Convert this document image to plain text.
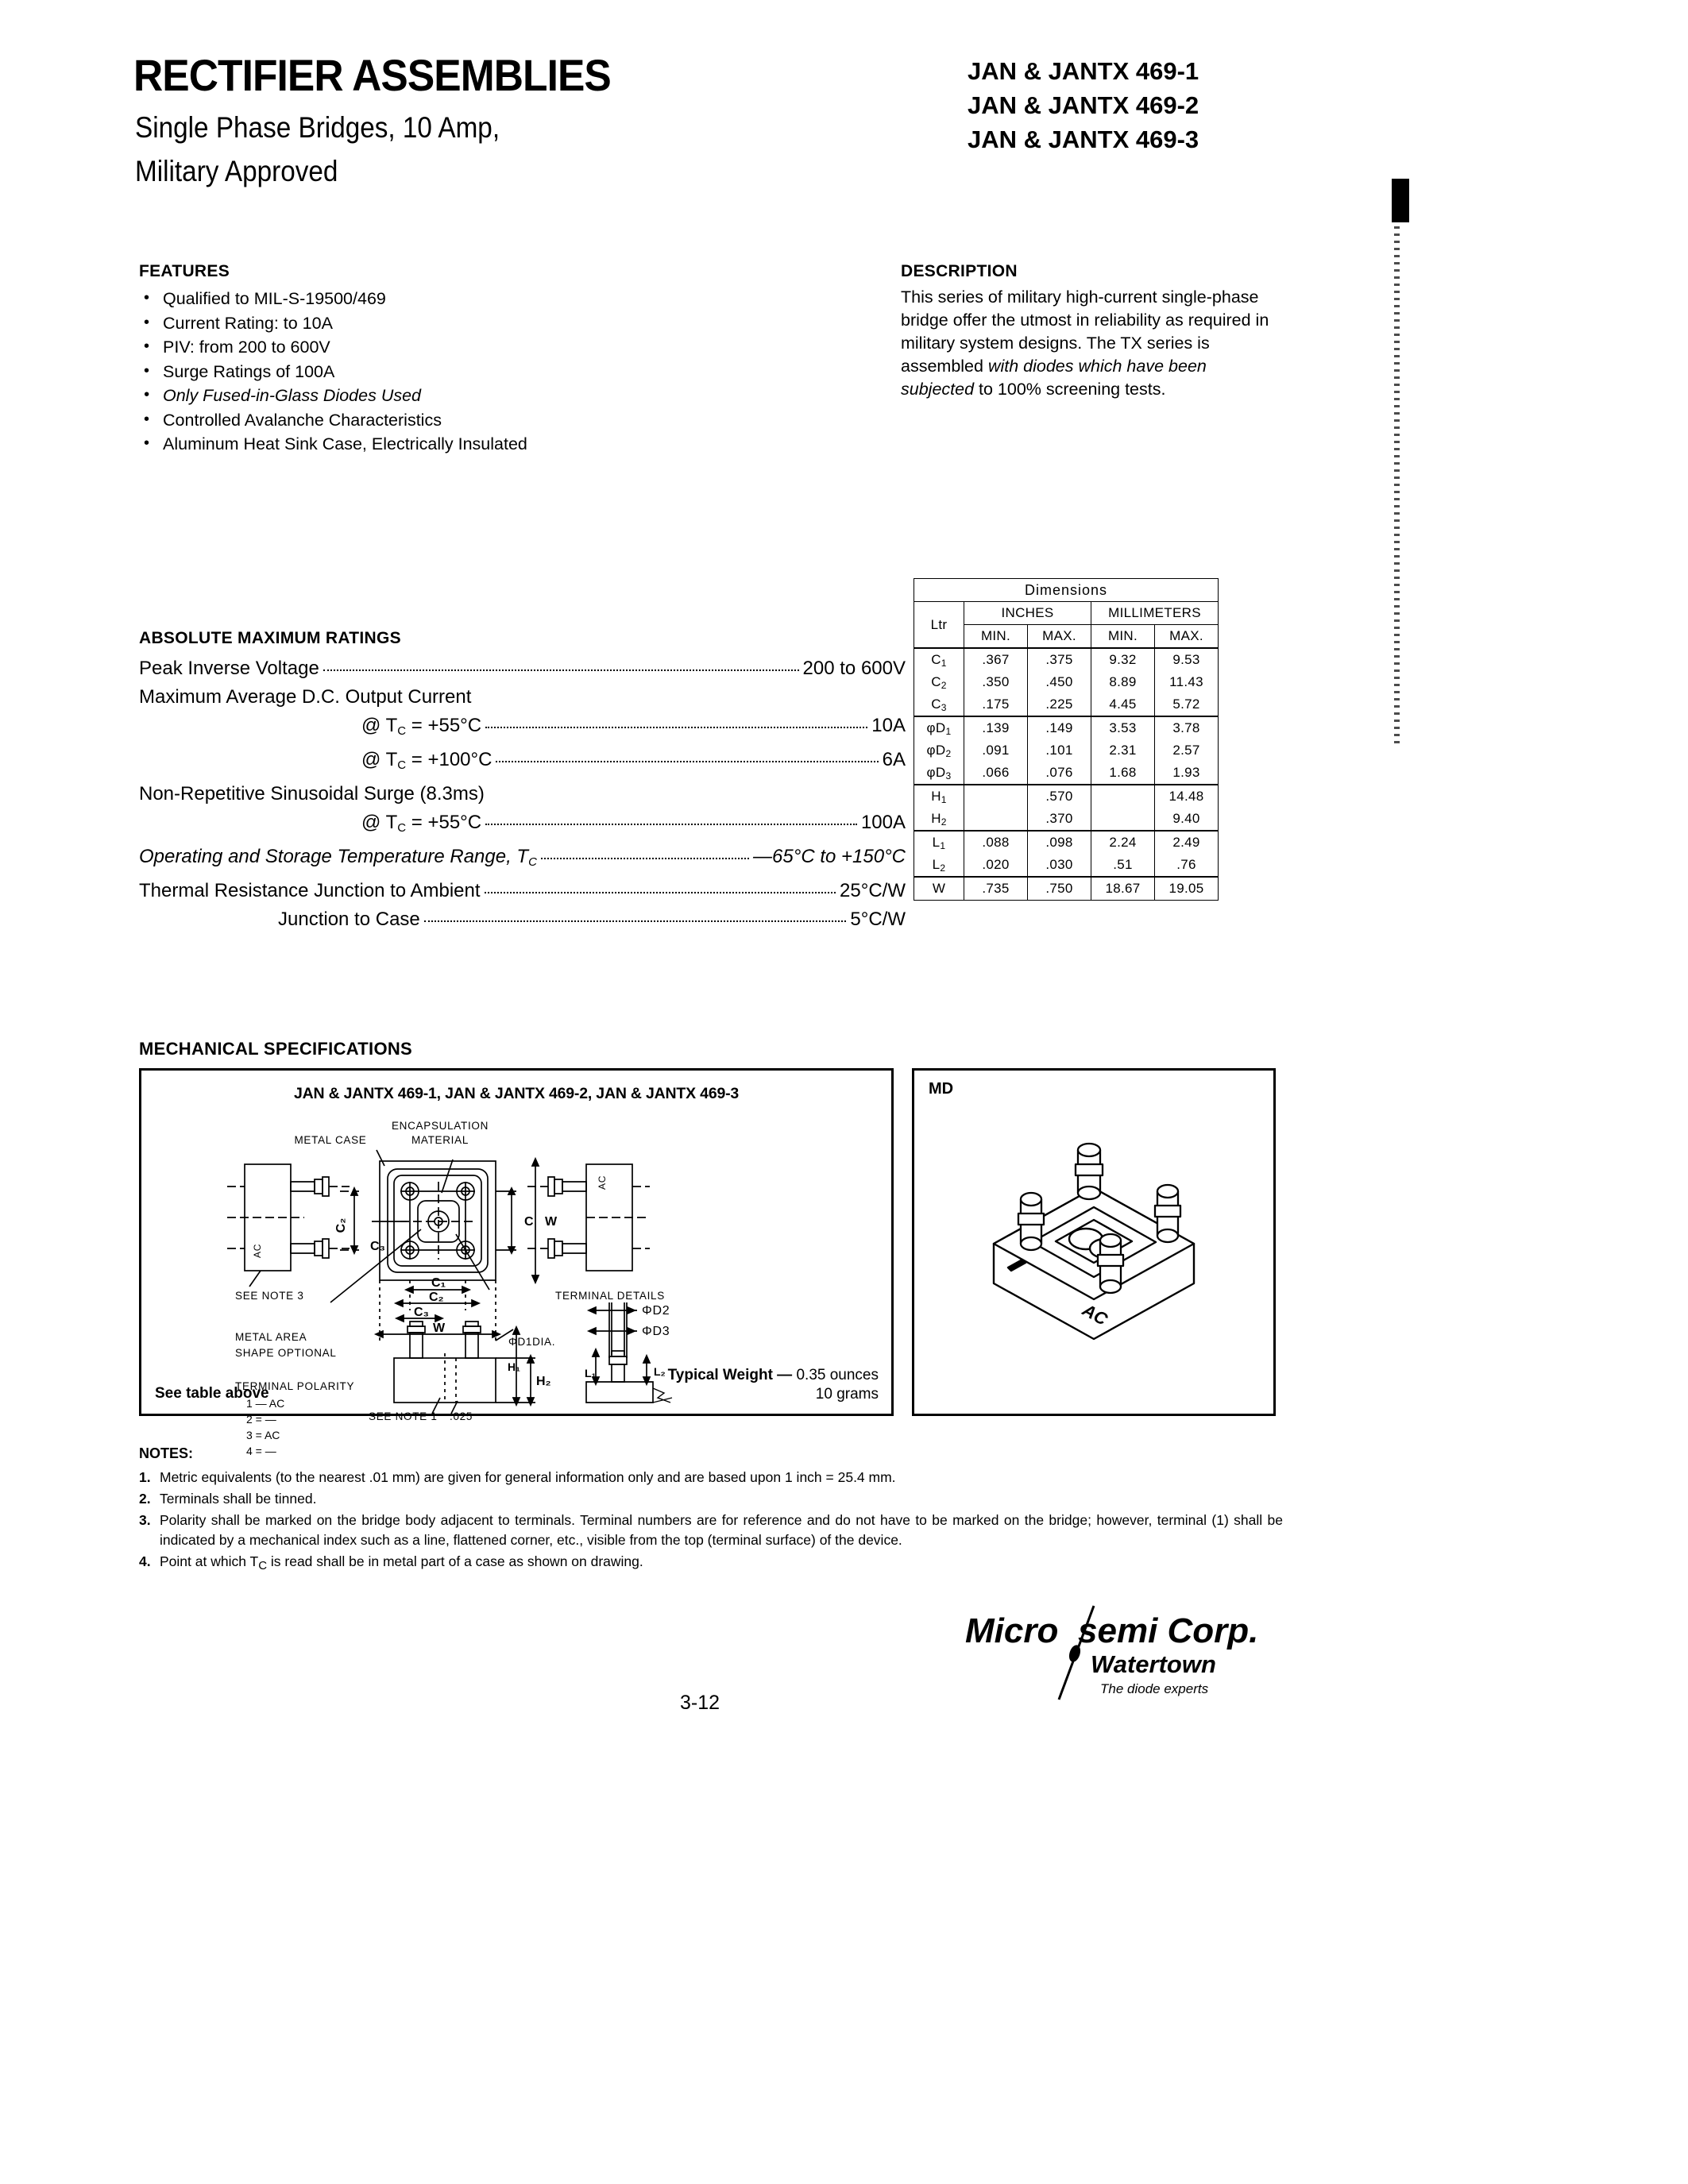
RECTIFIER ASSEMBLIES
Single Phase Bridges, 10 Amp,
Military Approved
JAN & JANTX 469-1
JAN & JANTX 469-2
JAN & JANTX 469-3
FEATURES
• Qualified to MIL-S-19500/469
• Current Rating: to 10A
• PIV: from 200 to 600V
• Surge Ratings of 100A
• Only Fused-in-Glass Diodes Used
• Controlled Avalanche Characteristics
• Aluminum Heat Sink Case, Electrically Insulated
DESCRIPTION

This series of military high-current single-phase bridge offer the utmost in reliability as required in military system designs. The TX series is assembled with diodes which have been subjected to 100% screening tests.

ABSOLUTE MAXIMUM RATINGS
Peak Inverse Voltage	200 to 600V
Maximum Average D.C. Output Current
@ $T_C = +55^\circ C$	10A
@ $T_C = +100^\circ C$	6A
Non-Repetitive Sinusoidal Surge (8.3ms)
@ $T_C = +55^\circ C$	100A
Operating and Storage Temperature Range, $T_C$	—65°C to +150°C
Thermal Resistance Junction to Ambient	25°C/W
Junction to Case	5°C/W
Dimensions				
Ltr	INCHES		MILLIMETERS	
	MIN.	MAX.	MIN.	MAX.
C1	.367	.375	9.32	9.53
C2	.350	.450	8.89	11.43
C3	.175	.225	4.45	5.72
φD1	.139	.149	3.53	3.78
φD2	.091	.101	2.31	2.57
φD3	.066	.076	1.68	1.93
H1		.570		14.48
H2		.370		9.40
L1	.088	.098	2.24	2.49
L2	.020	.030	.51	.76
W	.735	.750	18.67	19.05
MECHANICAL SPECIFICATIONS
JAN & JANTX 469-1, JAN & JANTX 469-2, JAN & JANTX 469-3
See table above
Typical Weight — 0.35 ounces
10 grams
ENCAPSULATION
MATERIAL
METAL CASE
SEE NOTE 3
METAL AREA
SHAPE OPTIONAL
TERMINAL POLARITY
TERMINAL DETAILS
SEE NOTE 1 .025
ΦD1DIA.
ΦD2
ΦD3
AC
AC
C W
C₂
C₃
C₁
C₂
C₃
W
H₁
H₂
L₁	L₂
1 — AC
2 = —
3 = AC
4 = —
MD
AC
NOTES:
1. Metric equivalents (to the nearest .01 mm) are given for general information only and are based upon 1 inch = 25.4 mm.
2. Terminals shall be tinned.
3. Polarity shall be marked on the bridge body adjacent to terminals. Terminal numbers are for reference and do not have to be marked on the bridge; however, terminal (1) shall be indicated by a mechanical index such as a line, flattened corner, etc., visible from the top (terminal surface) of the device.
4. Point at which TC is read shall be in metal part of a case as shown on drawing.
Micro semi Corp.
Watertown
The diode experts
3-12
